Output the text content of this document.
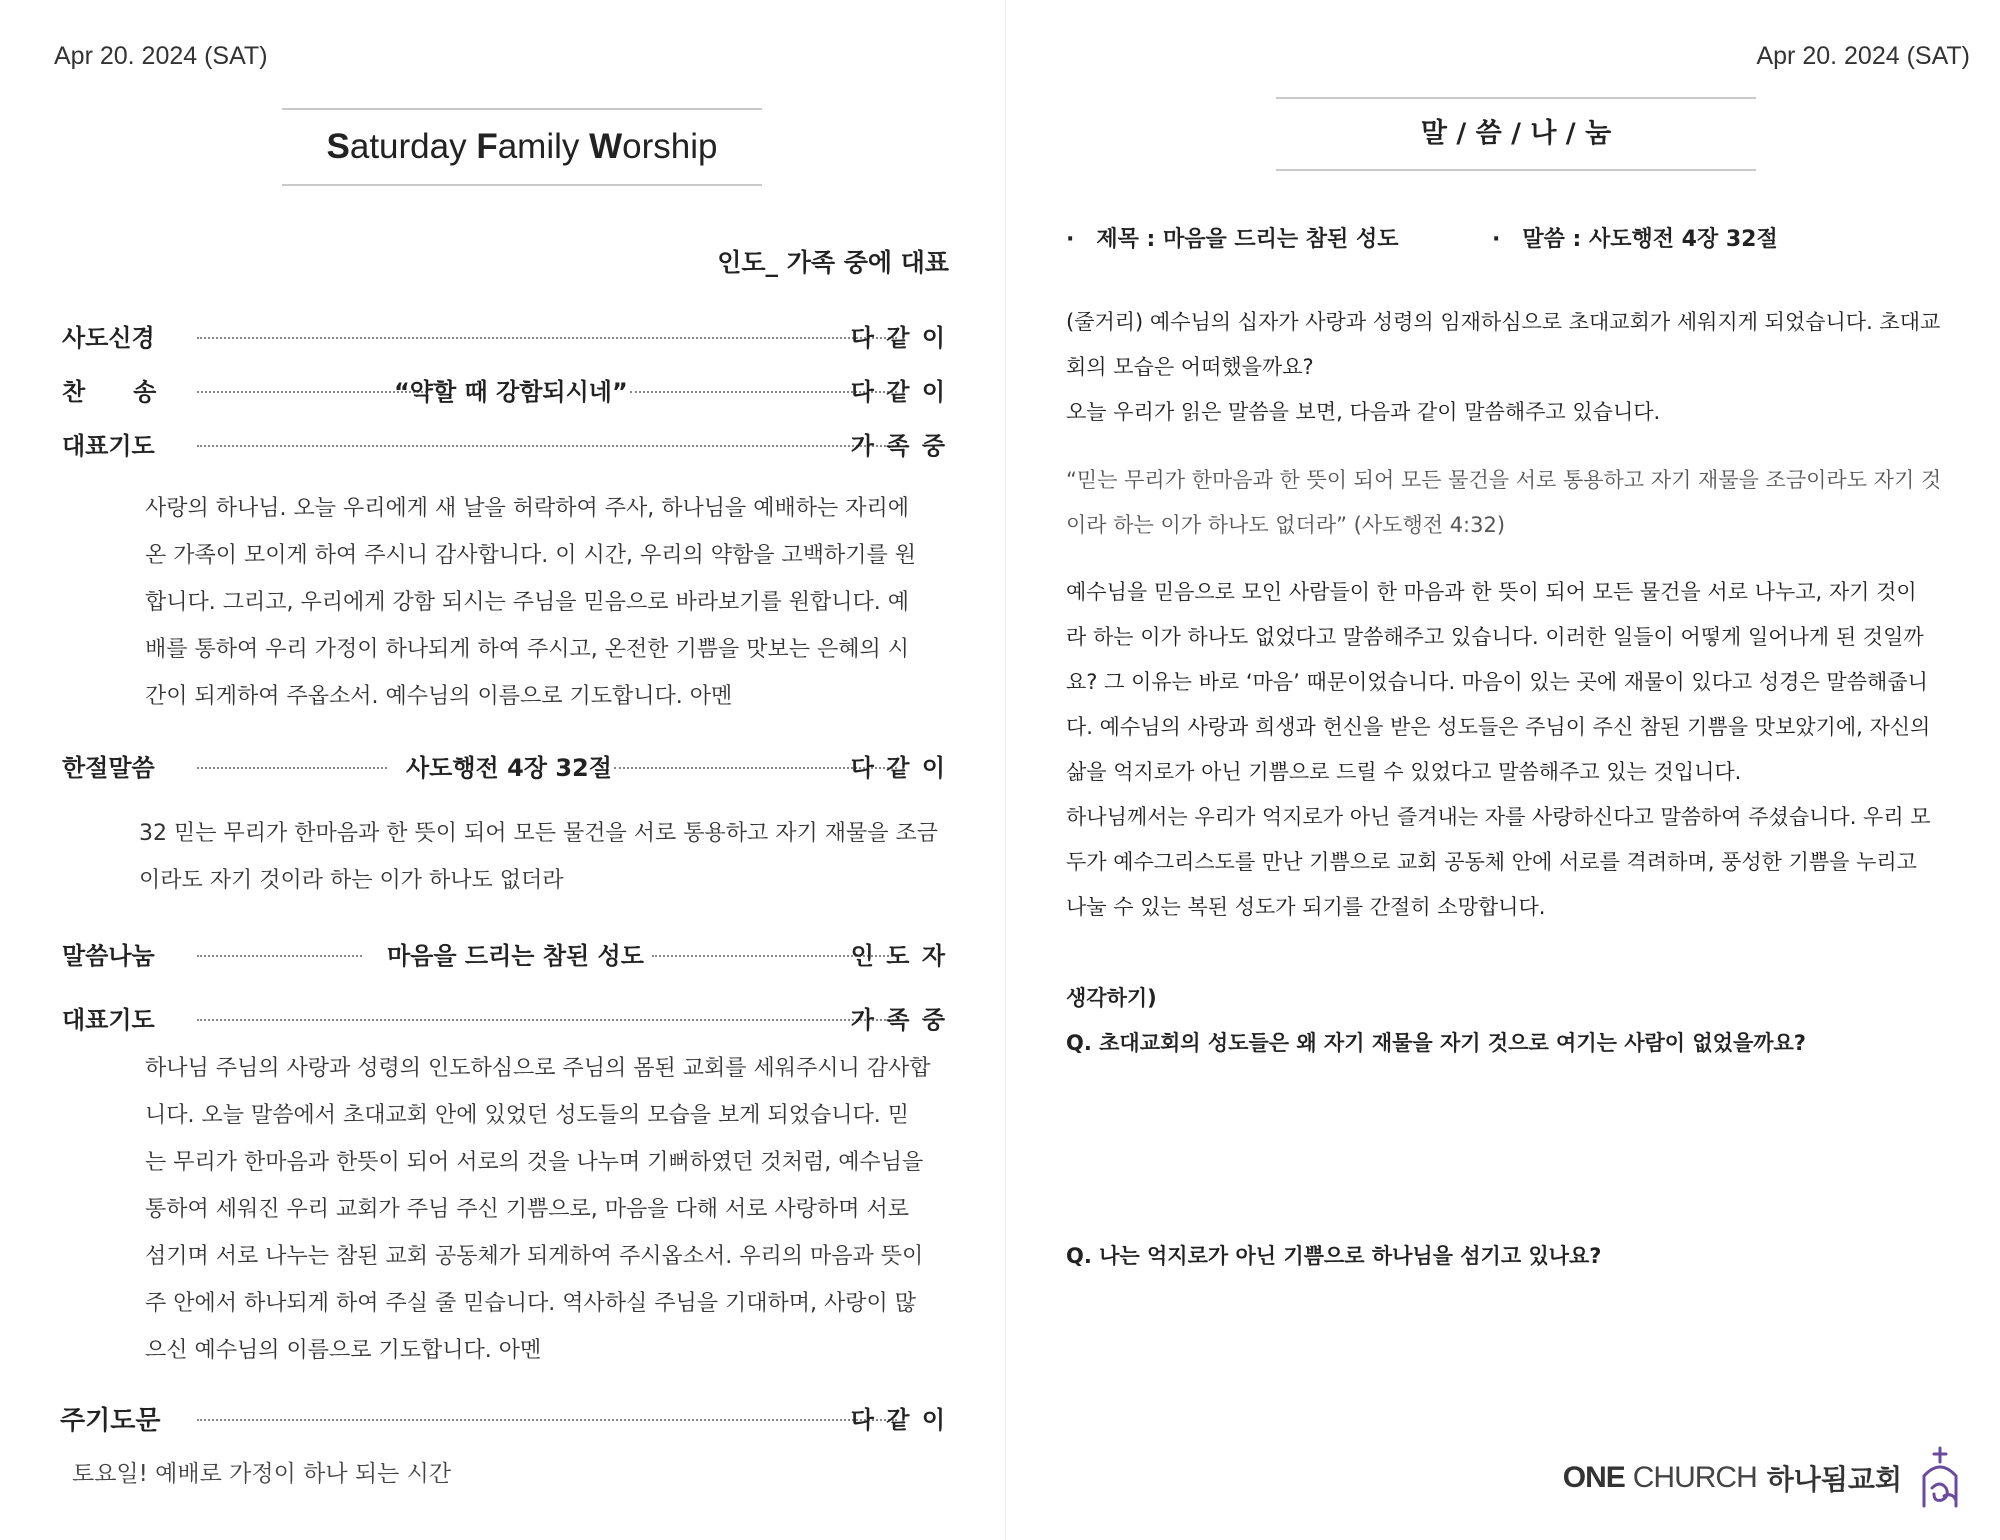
Apr 20. 2024 (SAT)
Saturday Family Worship
인도_ 가족 중에 대표
사도신경	다 같 이
찬　　송	“약할 때 강함되시네”	다 같 이
대표기도	가 족 중

사랑의 하나님. 오늘 우리에게 새 날을 허락하여 주사, 하나님을 예배하는 자리에

온 가족이 모이게 하여 주시니 감사합니다. 이 시간, 우리의 약함을 고백하기를 원

합니다. 그리고, 우리에게 강함 되시는 주님을 믿음으로 바라보기를 원합니다. 예

배를 통하여 우리 가정이 하나되게 하여 주시고, 온전한 기쁨을 맛보는 은혜의 시

간이 되게하여 주옵소서. 예수님의 이름으로 기도합니다. 아멘

한절말씀	사도행전 4장 32절	다 같 이

32 믿는 무리가 한마음과 한 뜻이 되어 모든 물건을 서로 통용하고 자기 재물을 조금

이라도 자기 것이라 하는 이가 하나도 없더라

말씀나눔	마음을 드리는 참된 성도	인 도 자
대표기도	가 족 중

하나님 주님의 사랑과 성령의 인도하심으로 주님의 몸된 교회를 세워주시니 감사합

니다. 오늘 말씀에서 초대교회 안에 있었던 성도들의 모습을 보게 되었습니다. 믿

는 무리가 한마음과 한뜻이 되어 서로의 것을 나누며 기뻐하였던 것처럼, 예수님을

통하여 세워진 우리 교회가 주님 주신 기쁨으로, 마음을 다해 서로 사랑하며 서로

섬기며 서로 나누는 참된 교회 공동체가 되게하여 주시옵소서. 우리의 마음과 뜻이

주 안에서 하나되게 하여 주실 줄 믿습니다. 역사하실 주님을 기대하며, 사랑이 많

으신 예수님의 이름으로 기도합니다. 아멘

주기도문	다 같 이
토요일! 예배로 가정이 하나 되는 시간
Apr 20. 2024 (SAT)
말 / 씀 / 나 / 눔
·　제목 : 마음을 드리는 참된 성도	·　말씀 : 사도행전 4장 32절

(줄거리) 예수님의 십자가 사랑과 성령의 임재하심으로 초대교회가 세워지게 되었습니다. 초대교

회의 모습은 어떠했을까요?

오늘 우리가 읽은 말씀을 보면, 다음과 같이 말씀해주고 있습니다.

“믿는 무리가 한마음과 한 뜻이 되어 모든 물건을 서로 통용하고 자기 재물을 조금이라도 자기 것

이라 하는 이가 하나도 없더라” (사도행전 4:32)

예수님을 믿음으로 모인 사람들이 한 마음과 한 뜻이 되어 모든 물건을 서로 나누고, 자기 것이

라 하는 이가 하나도 없었다고 말씀해주고 있습니다. 이러한 일들이 어떻게 일어나게 된 것일까

요? 그 이유는 바로 ‘마음’ 때문이었습니다. 마음이 있는 곳에 재물이 있다고 성경은 말씀해줍니

다. 예수님의 사랑과 희생과 헌신을 받은 성도들은 주님이 주신 참된 기쁨을 맛보았기에, 자신의

삶을 억지로가 아닌 기쁨으로 드릴 수 있었다고 말씀해주고 있는 것입니다.

하나님께서는 우리가 억지로가 아닌 즐겨내는 자를 사랑하신다고 말씀하여 주셨습니다. 우리 모

두가 예수그리스도를 만난 기쁨으로 교회 공동체 안에 서로를 격려하며, 풍성한 기쁨을 누리고

나눌 수 있는 복된 성도가 되기를 간절히 소망합니다.

생각하기)
Q. 초대교회의 성도들은 왜 자기 재물을 자기 것으로 여기는 사람이 없었을까요?
Q. 나는 억지로가 아닌 기쁨으로 하나님을 섬기고 있나요?
ONE CHURCH 하나됨교회
